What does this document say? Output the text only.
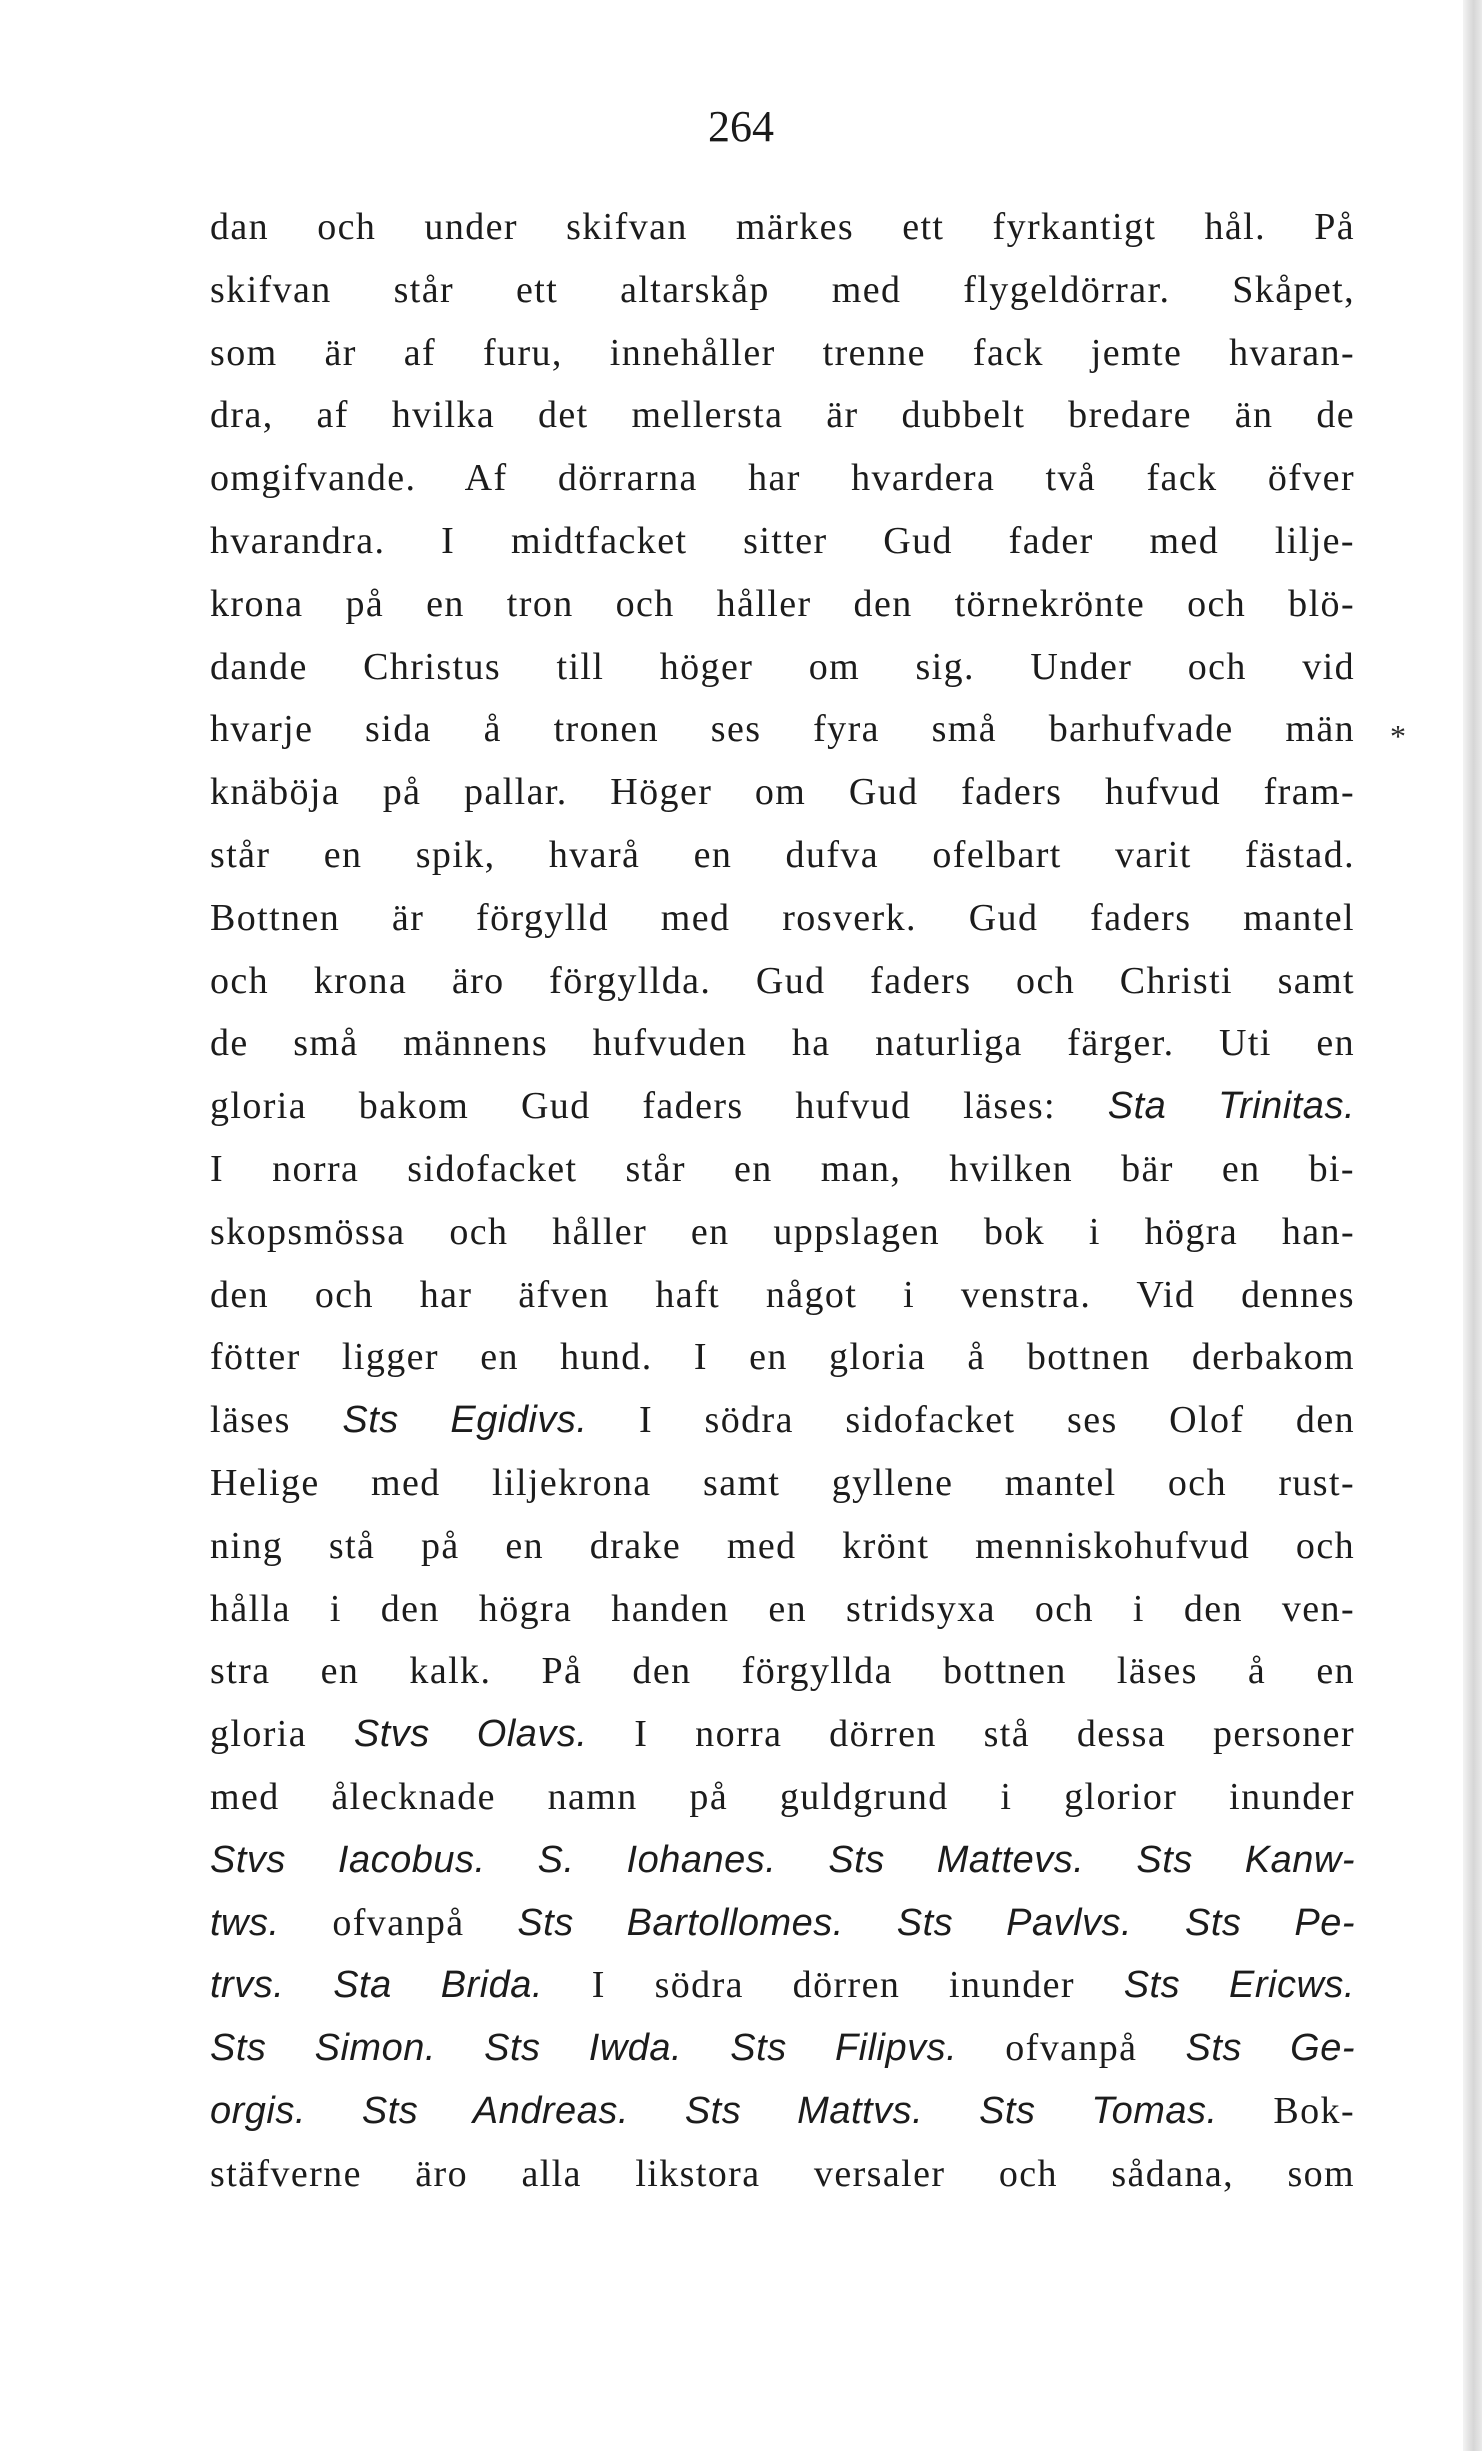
264
*
dan och under skifvan märkes ett fyrkantigt hål. På
skifvan står ett altarskåp med flygeldörrar. Skåpet,
som är af furu, innehåller trenne fack jemte hvaran-
dra, af hvilka det mellersta är dubbelt bredare än de
omgifvande. Af dörrarna har hvardera två fack öfver
hvarandra. I midtfacket sitter Gud fader med lilje-
krona på en tron och håller den törnekrönte och blö-
dande Christus till höger om sig. Under och vid
hvarje sida å tronen ses fyra små barhufvade män
knäböja på pallar. Höger om Gud faders hufvud fram-
står en spik, hvarå en dufva ofelbart varit fästad.
Bottnen är förgylld med rosverk. Gud faders mantel
och krona äro förgyllda. Gud faders och Christi samt
de små männens hufvuden ha naturliga färger. Uti en
gloria bakom Gud faders hufvud läses: Sta Trinitas.
I norra sidofacket står en man, hvilken bär en bi-
skopsmössa och håller en uppslagen bok i högra han-
den och har äfven haft något i venstra. Vid dennes
fötter ligger en hund. I en gloria å bottnen derbakom
läses Sts Egidivs. I södra sidofacket ses Olof den
Helige med liljekrona samt gyllene mantel och rust-
ning stå på en drake med krönt menniskohufvud och
hålla i den högra handen en stridsyxa och i den ven-
stra en kalk. På den förgyllda bottnen läses å en
gloria Stvs Olavs. I norra dörren stå dessa personer
med ålecknade namn på guldgrund i glorior inunder
Stvs Iacobus. S. Iohanes. Sts Mattevs. Sts Kanw-
tws. ofvanpå Sts Bartollomes. Sts Pavlvs. Sts Pe-
trvs. Sta Brida. I södra dörren inunder Sts Ericws.
Sts Simon. Sts Iwda. Sts Filipvs. ofvanpå Sts Ge-
orgis. Sts Andreas. Sts Mattvs. Sts Tomas. Bok-
stäfverne äro alla likstora versaler och sådana, som
